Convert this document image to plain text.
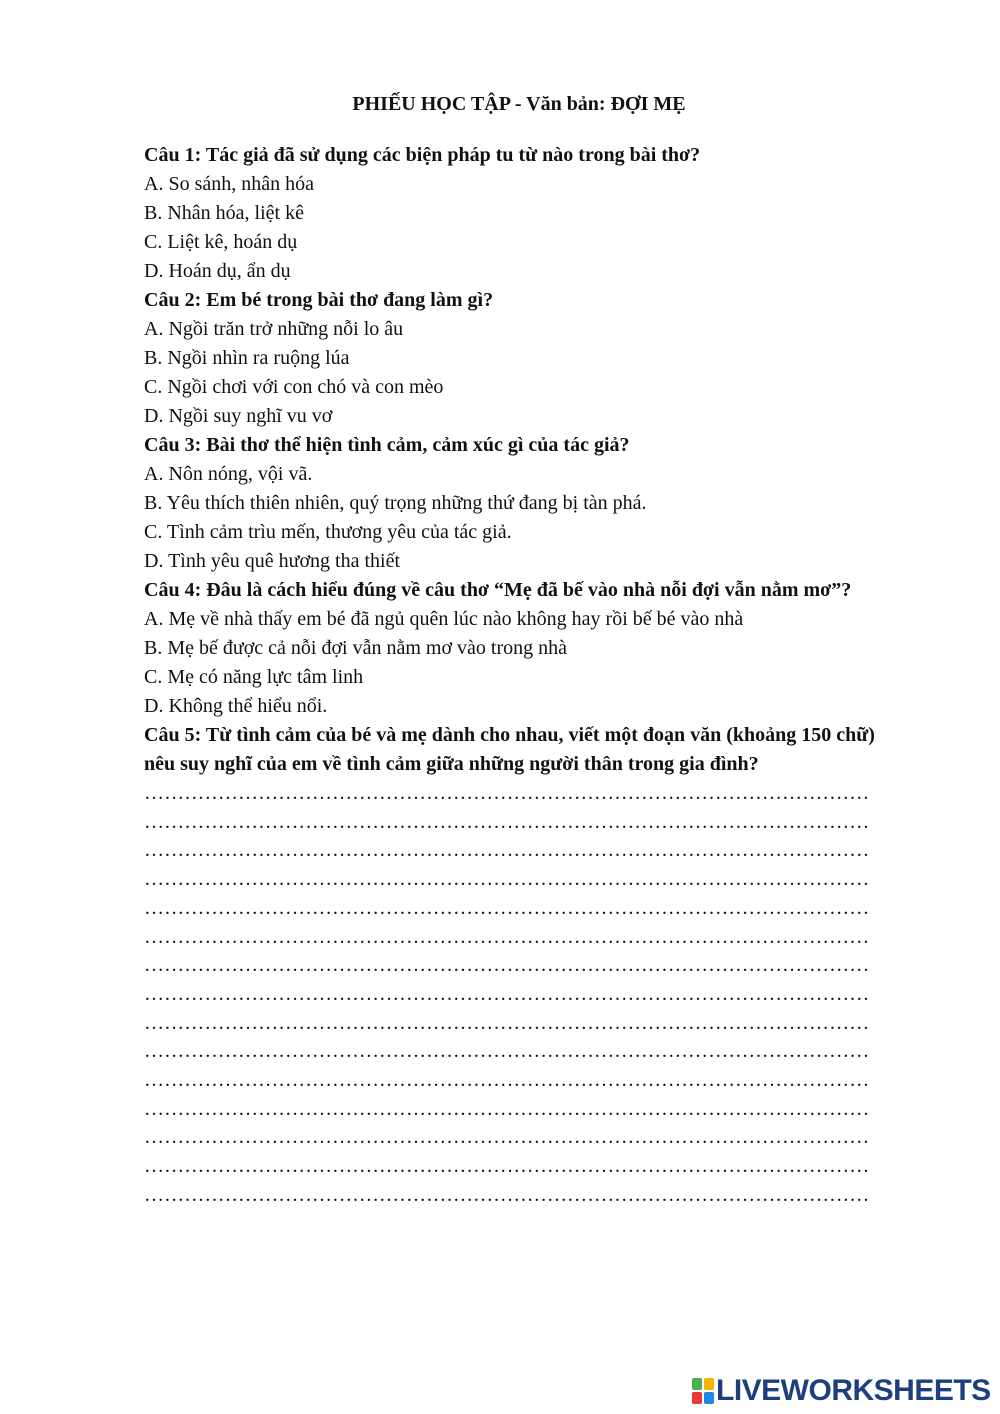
PHIẾU HỌC TẬP - Văn bản: ĐỢI MẸ

Câu 1: Tác giả đã sử dụng các biện pháp tu từ nào trong bài thơ?

A. So sánh, nhân hóa

B. Nhân hóa, liệt kê

C. Liệt kê, hoán dụ

D. Hoán dụ, ẩn dụ

Câu 2: Em bé trong bài thơ đang làm gì?

A. Ngồi trăn trở những nỗi lo âu

B. Ngồi nhìn ra ruộng lúa

C. Ngồi chơi với con chó và con mèo

D. Ngồi suy nghĩ vu vơ

Câu 3: Bài thơ thể hiện tình cảm, cảm xúc gì của tác giả?

A. Nôn nóng, vội vã.

B. Yêu thích thiên nhiên, quý trọng những thứ đang bị tàn phá.

C. Tình cảm trìu mến, thương yêu của tác giả.

D. Tình yêu quê hương tha thiết

Câu 4: Đâu là cách hiểu đúng về câu thơ “Mẹ đã bế vào nhà nỗi đợi vẫn nằm mơ”?

A. Mẹ về nhà thấy em bé đã ngủ quên lúc nào không hay rồi bế bé vào nhà

B. Mẹ bế được cả nỗi đợi vẫn nằm mơ vào trong nhà

C. Mẹ có năng lực tâm linh

D. Không thể hiểu nổi.

Câu 5: Từ tình cảm của bé và mẹ dành cho nhau, viết một đoạn văn (khoảng 150 chữ) nêu suy nghĩ của em về tình cảm giữa những người thân trong gia đình?

………………………………………………………………………………………………

………………………………………………………………………………………………

………………………………………………………………………………………………

………………………………………………………………………………………………

………………………………………………………………………………………………

………………………………………………………………………………………………

………………………………………………………………………………………………

………………………………………………………………………………………………

………………………………………………………………………………………………

………………………………………………………………………………………………

………………………………………………………………………………………………

………………………………………………………………………………………………

………………………………………………………………………………………………

………………………………………………………………………………………………

………………………………………………………………………………………………

LIVEWORKSHEETS
